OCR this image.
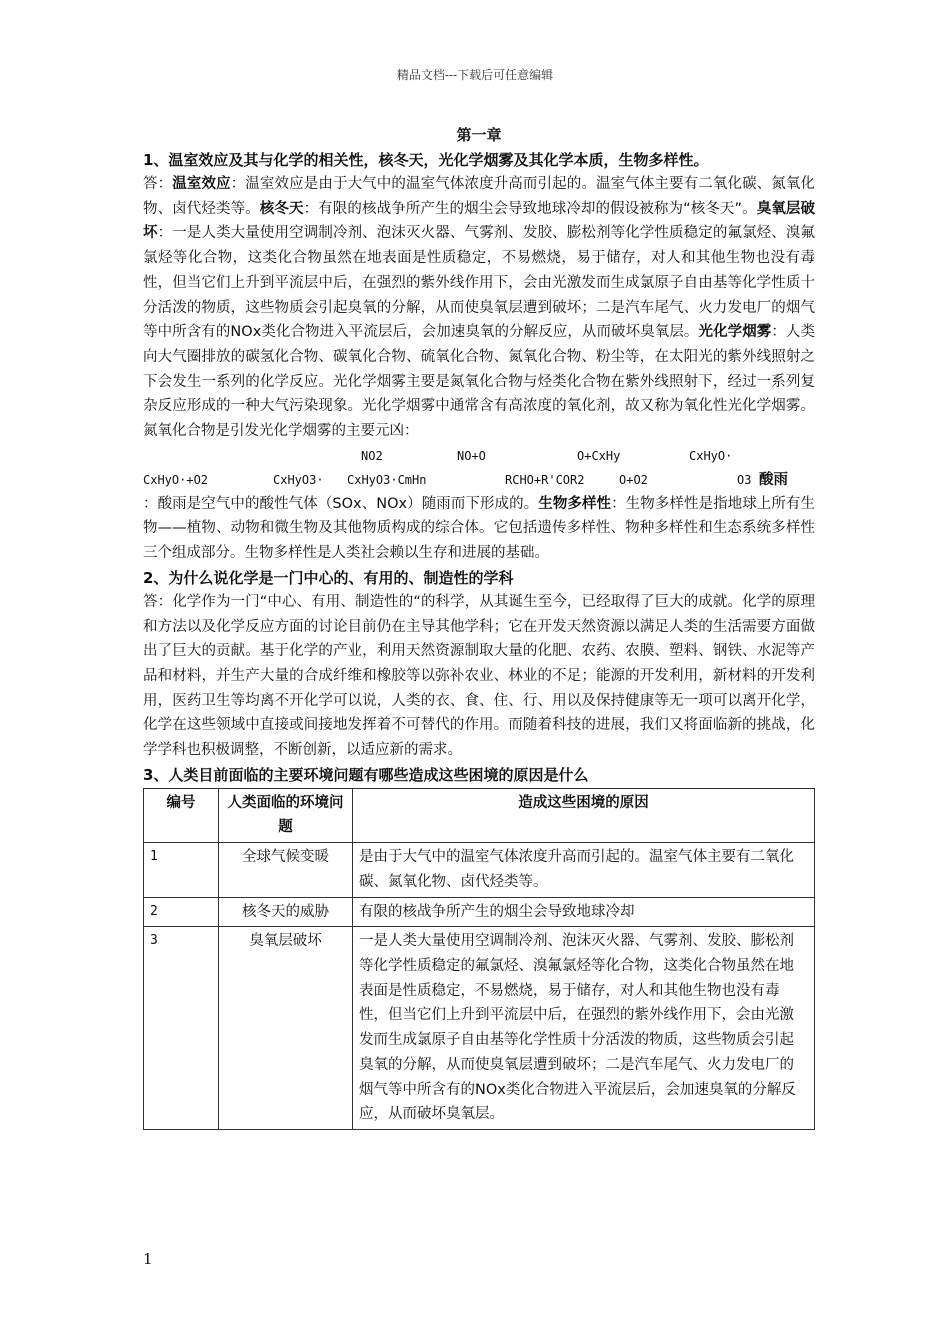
精品文档---下载后可任意编辑
第一章
1、温室效应及其与化学的相关性，核冬天，光化学烟雾及其化学本质，生物多样性。

答：温室效应：温室效应是由于大气中的温室气体浓度升高而引起的。温室气体主要有二氧化碳、氮氧化物、卤代烃类等。核冬天：有限的核战争所产生的烟尘会导致地球冷却的假设被称为“核冬天”。臭氧层破坏：一是人类大量使用空调制冷剂、泡沫灭火器、气雾剂、发胶、膨松剂等化学性质稳定的氟氯烃、溴氟氯烃等化合物，这类化合物虽然在地表面是性质稳定，不易燃烧，易于储存，对人和其他生物也没有毒性，但当它们上升到平流层中后，在强烈的紫外线作用下，会由光激发而生成氯原子自由基等化学性质十分活泼的物质，这些物质会引起臭氧的分解，从而使臭氧层遭到破坏；二是汽车尾气、火力发电厂的烟气等中所含有的NOx类化合物进入平流层后，会加速臭氧的分解反应，从而破坏臭氧层。光化学烟雾：人类向大气圈排放的碳氢化合物、碳氧化合物、硫氧化合物、氮氧化合物、粉尘等，在太阳光的紫外线照射之下会发生一系列的化学反应。光化学烟雾主要是氮氧化合物与烃类化合物在紫外线照射下，经过一系列复杂反应形成的一种大气污染现象。光化学烟雾中通常含有高浓度的氧化剂，故又称为氧化性光化学烟雾。氮氧化合物是引发光化学烟雾的主要元凶：

NO2	NO+O	O+CxHy	CxHyO·
CxHyO·+O2	CxHyO3· CxHyO3·CmHn	RCHO+R'COR2	O+O2	O3 酸雨

：酸雨是空气中的酸性气体（SOx、NOx）随雨而下形成的。生物多样性：生物多样性是指地球上所有生物——植物、动物和微生物及其他物质构成的综合体。它包括遗传多样性、物种多样性和生态系统多样性三个组成部分。生物多样性是人类社会赖以生存和进展的基础。

2、为什么说化学是一门中心的、有用的、制造性的学科

答：化学作为一门“中心、有用、制造性的“的科学，从其诞生至今，已经取得了巨大的成就。化学的原理和方法以及化学反应方面的讨论目前仍在主导其他学科；它在开发天然资源以满足人类的生活需要方面做出了巨大的贡献。基于化学的产业，利用天然资源制取大量的化肥、农药、农膜、塑料、钢铁、水泥等产品和材料，并生产大量的合成纤维和橡胶等以弥补农业、林业的不足；能源的开发利用，新材料的开发利用，医药卫生等均离不开化学可以说，人类的衣、食、住、行、用以及保持健康等无一项可以离开化学，化学在这些领域中直接或间接地发挥着不可替代的作用。而随着科技的进展，我们又将面临新的挑战，化学学科也积极调整，不断创新，以适应新的需求。

3、人类目前面临的主要环境问题有哪些造成这些困境的原因是什么
编号	人类面临的环境问题	造成这些困境的原因
1	全球气候变暖	是由于大气中的温室气体浓度升高而引起的。温室气体主要有二氧化碳、氮氧化物、卤代烃类等。
2	核冬天的威胁	有限的核战争所产生的烟尘会导致地球冷却
3	臭氧层破坏	一是人类大量使用空调制冷剂、泡沫灭火器、气雾剂、发胶、膨松剂等化学性质稳定的氟氯烃、溴氟氯烃等化合物，这类化合物虽然在地表面是性质稳定，不易燃烧，易于储存，对人和其他生物也没有毒性，但当它们上升到平流层中后，在强烈的紫外线作用下，会由光激发而生成氯原子自由基等化学性质十分活泼的物质，这些物质会引起臭氧的分解，从而使臭氧层遭到破坏；二是汽车尾气、火力发电厂的烟气等中所含有的NOx类化合物进入平流层后，会加速臭氧的分解反应，从而破坏臭氧层。
1
